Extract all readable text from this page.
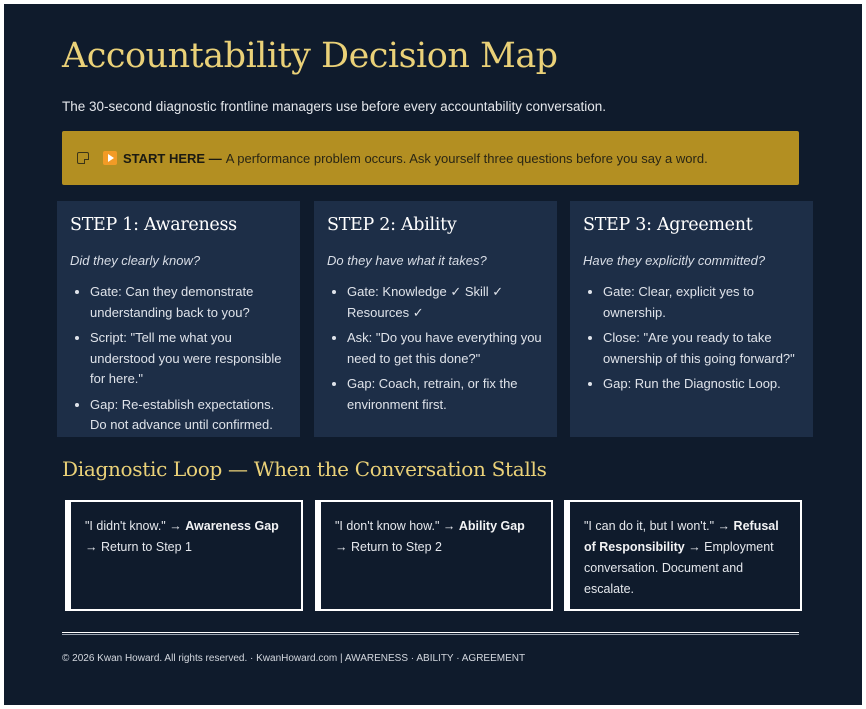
Accountability Decision Map
The 30-second diagnostic frontline managers use before every accountability conversation.
START HERE — A performance problem occurs. Ask yourself three questions before you say a word.
STEP 1: Awareness
Did they clearly know?
• Gate: Can they demonstrate understanding back to you?
• Script: "Tell me what you understood you were responsible for here."
• Gap: Re-establish expectations. Do not advance until confirmed.
STEP 2: Ability
Do they have what it takes?
• Gate: Knowledge ✓ Skill ✓ Resources ✓
• Ask: "Do you have everything you need to get this done?"
• Gap: Coach, retrain, or fix the environment first.
STEP 3: Agreement
Have they explicitly committed?
• Gate: Clear, explicit yes to ownership.
• Close: "Are you ready to take ownership of this going forward?"
• Gap: Run the Diagnostic Loop.
Diagnostic Loop — When the Conversation Stalls
"I didn't know." → Awareness Gap → Return to Step 1
"I don't know how." → Ability Gap → Return to Step 2
"I can do it, but I won't." → Refusal of Responsibility → Employment conversation. Document and escalate.
© 2026 Kwan Howard. All rights reserved. · KwanHoward.com | AWARENESS · ABILITY · AGREEMENT
